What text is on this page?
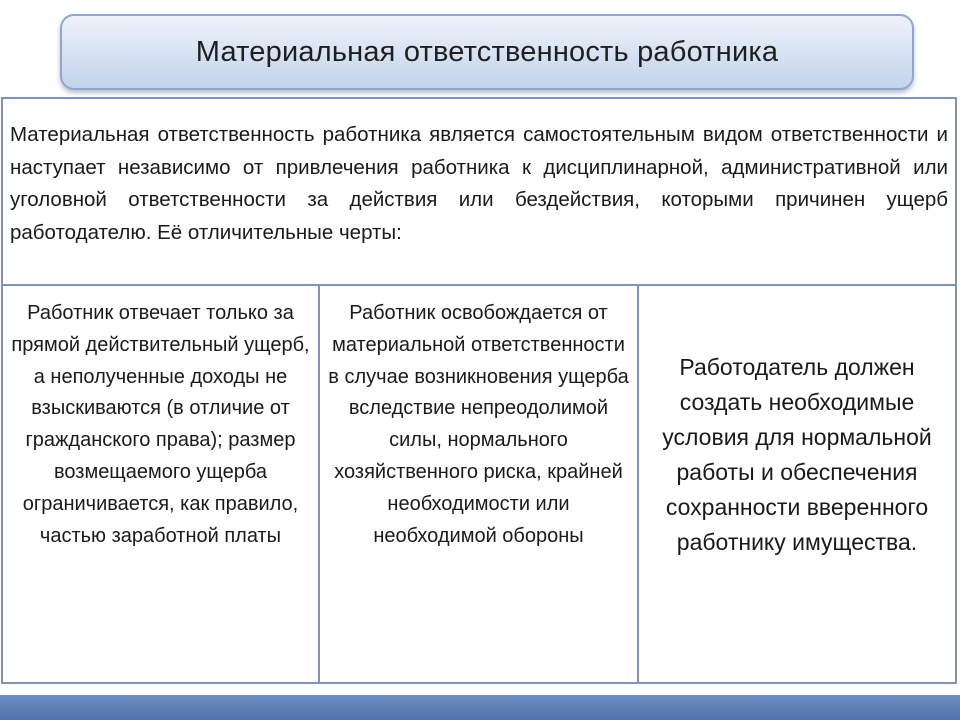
Материальная ответственность работника

Материальная ответственность работника является самостоятельным видом ответственности и наступает независимо от привлечения работника к дисциплинарной, административной или уголовной ответственности за действия или бездействия, которыми причинен ущерб работодателю. Её отличительные черты:

Работник отвечает только за прямой действительный ущерб, а неполученные доходы не взыскиваются (в отличие от гражданского права); размер возмещаемого ущерба ограничивается, как правило, частью заработной платы

Работник освобождается от материальной ответственности в случае возникновения ущерба вследствие непреодолимой силы, нормального хозяйственного риска, крайней необходимости или необходимой обороны

Работодатель должен создать необходимые условия для нормальной работы и обеспечения сохранности вверенного работнику имущества.
